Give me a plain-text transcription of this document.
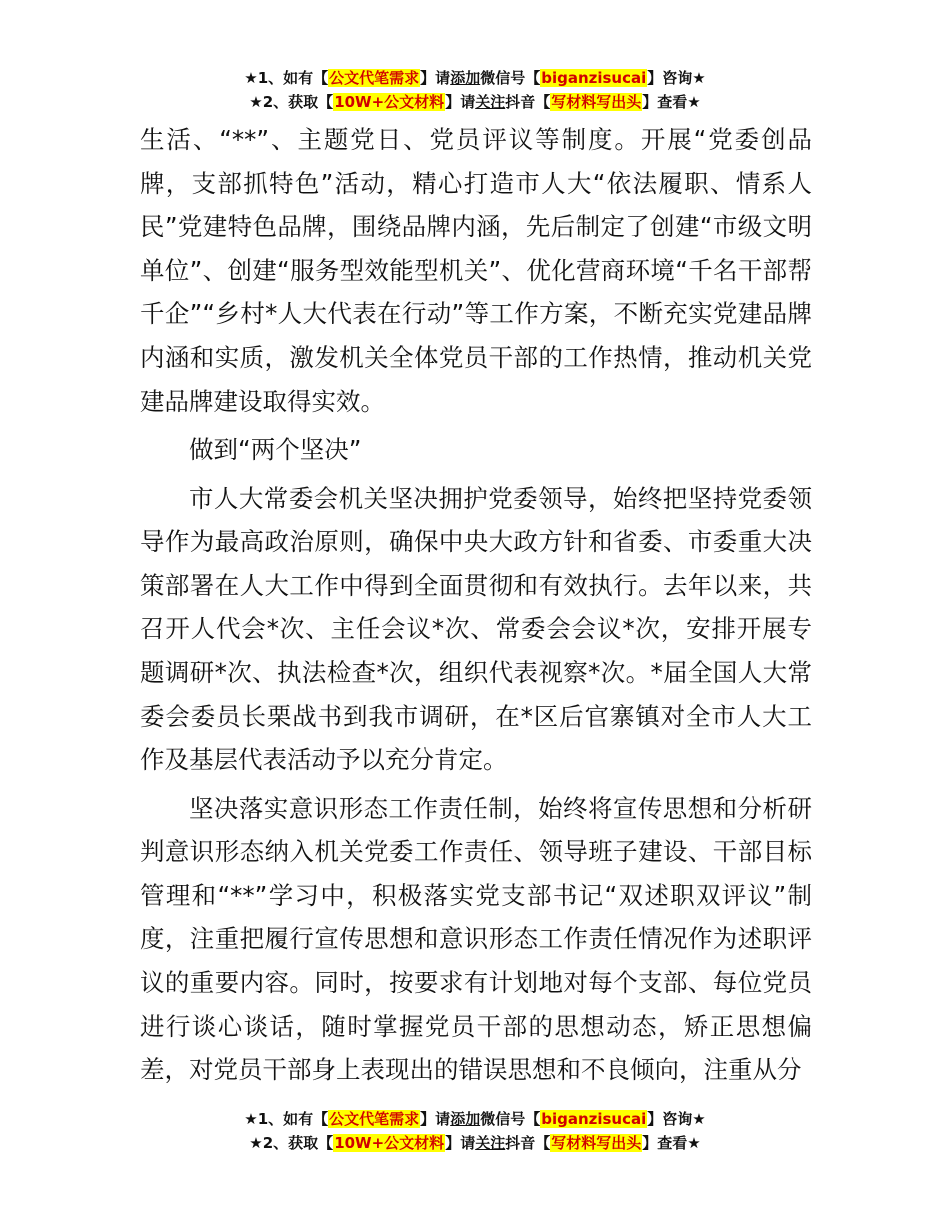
★1、如有【公文代笔需求】请添加微信号【biganzisucai】咨询★
★2、获取【10W+公文材料】请关注抖音【写材料写出头】查看★

生活、“**”、主题党日、党员评议等制度。开展“党委创品牌，支部抓特色”活动，精心打造市人大“依法履职、情系人民”党建特色品牌，围绕品牌内涵，先后制定了创建“市级文明单位”、创建“服务型效能型机关”、优化营商环境“千名干部帮千企”“乡村*人大代表在行动”等工作方案，不断充实党建品牌内涵和实质，激发机关全体党员干部的工作热情，推动机关党建品牌建设取得实效。

做到“两个坚决”

市人大常委会机关坚决拥护党委领导，始终把坚持党委领导作为最高政治原则，确保中央大政方针和省委、市委重大决策部署在人大工作中得到全面贯彻和有效执行。去年以来，共召开人代会*次、主任会议*次、常委会会议*次，安排开展专题调研*次、执法检查*次，组织代表视察*次。*届全国人大常委会委员长栗战书到我市调研，在*区后官寨镇对全市人大工作及基层代表活动予以充分肯定。

坚决落实意识形态工作责任制，始终将宣传思想和分析研判意识形态纳入机关党委工作责任、领导班子建设、干部目标管理和“**”学习中，积极落实党支部书记“双述职双评议”制度，注重把履行宣传思想和意识形态工作责任情况作为述职评议的重要内容。同时，按要求有计划地对每个支部、每位党员进行谈心谈话，随时掌握党员干部的思想动态，矫正思想偏差，对党员干部身上表现出的错误思想和不良倾向，注重从分

★1、如有【公文代笔需求】请添加微信号【biganzisucai】咨询★
★2、获取【10W+公文材料】请关注抖音【写材料写出头】查看★
